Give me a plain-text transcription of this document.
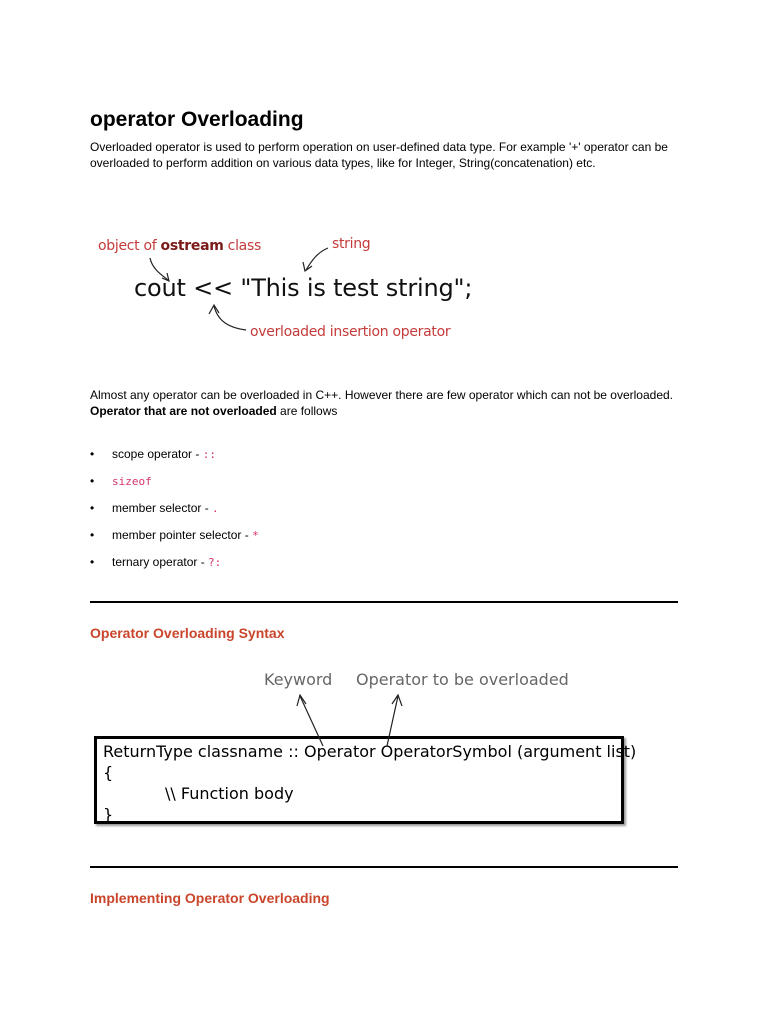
operator Overloading

Overloaded operator is used to perform operation on user-defined data type. For example '+' operator can be overloaded to perform addition on various data types, like for Integer, String(concatenation) etc.

object of ostream class	string
cout << "This is test string";
overloaded insertion operator

Almost any operator can be overloaded in C++. However there are few operator which can not be overloaded. Operator that are not overloaded are follows

• scope operator - ::
• sizeof
• member selector - .
• member pointer selector - *
• ternary operator - ?:
Operator Overloading Syntax
Keyword Operator to be overloaded
ReturnType classname :: Operator OperatorSymbol (argument list)
{
\\ Function body
}
Implementing Operator Overloading
